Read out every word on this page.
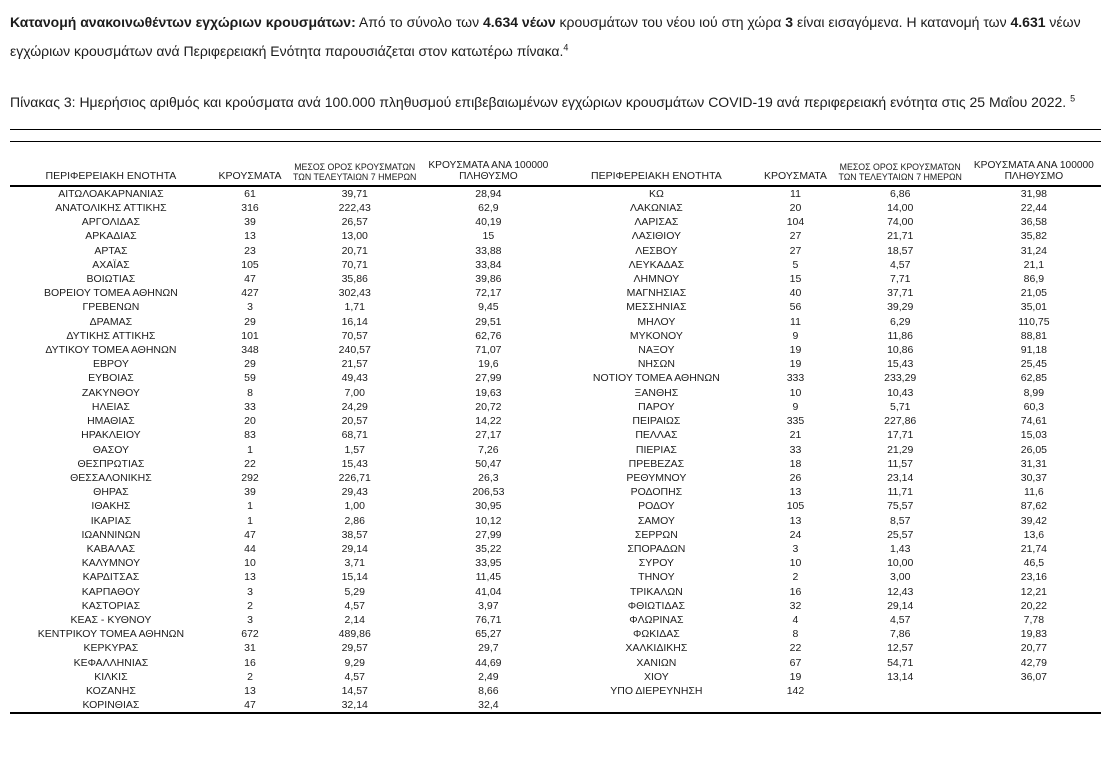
Κατανομή ανακοινωθέντων εγχώριων κρουσμάτων: Από το σύνολο των 4.634 νέων κρουσμάτων του νέου ιού στη χώρα 3 είναι εισαγόμενα. Η κατανομή των 4.631 νέων εγχώριων κρουσμάτων ανά Περιφερειακή Ενότητα παρουσιάζεται στον κατωτέρω πίνακα.$^4$

Πίνακας 3: Ημερήσιος αριθμός και κρούσματα ανά 100.000 πληθυσμού επιβεβαιωμένων εγχώριων κρουσμάτων COVID-19 ανά περιφερειακή ενότητα στις 25 Μαΐου 2022. $^5$

ΠΕΡΙΦΕΡΕΙΑΚΗ ΕΝΟΤΗΤΑ	ΚΡΟΥΣΜΑΤΑ	ΜΕΣΟΣ ΟΡΟΣ ΚΡΟΥΣΜΑΤΩΝ ΤΩΝ ΤΕΛΕΥΤΑΙΩΝ 7 ΗΜΕΡΩΝ	ΚΡΟΥΣΜΑΤΑ ΑΝΑ 100000 ΠΛΗΘΥΣΜΟ	ΠΕΡΙΦΕΡΕΙΑΚΗ ΕΝΟΤΗΤΑ	ΚΡΟΥΣΜΑΤΑ	ΜΕΣΟΣ ΟΡΟΣ ΚΡΟΥΣΜΑΤΩΝ ΤΩΝ ΤΕΛΕΥΤΑΙΩΝ 7 ΗΜΕΡΩΝ	ΚΡΟΥΣΜΑΤΑ ΑΝΑ 100000 ΠΛΗΘΥΣΜΟ
ΑΙΤΩΛΟΑΚΑΡΝΑΝΙΑΣ	61	39,71	28,94	ΚΩ	11	6,86	31,98
ΑΝΑΤΟΛΙΚΗΣ ΑΤΤΙΚΗΣ	316	222,43	62,9	ΛΑΚΩΝΙΑΣ	20	14,00	22,44
ΑΡΓΟΛΙΔΑΣ	39	26,57	40,19	ΛΑΡΙΣΑΣ	104	74,00	36,58
ΑΡΚΑΔΙΑΣ	13	13,00	15	ΛΑΣΙΘΙΟΥ	27	21,71	35,82
ΑΡΤΑΣ	23	20,71	33,88	ΛΕΣΒΟΥ	27	18,57	31,24
ΑΧΑΪΑΣ	105	70,71	33,84	ΛΕΥΚΑΔΑΣ	5	4,57	21,1
ΒΟΙΩΤΙΑΣ	47	35,86	39,86	ΛΗΜΝΟΥ	15	7,71	86,9
ΒΟΡΕΙΟΥ ΤΟΜΕΑ ΑΘΗΝΩΝ	427	302,43	72,17	ΜΑΓΝΗΣΙΑΣ	40	37,71	21,05
ΓΡΕΒΕΝΩΝ	3	1,71	9,45	ΜΕΣΣΗΝΙΑΣ	56	39,29	35,01
ΔΡΑΜΑΣ	29	16,14	29,51	ΜΗΛΟΥ	11	6,29	110,75
ΔΥΤΙΚΗΣ ΑΤΤΙΚΗΣ	101	70,57	62,76	ΜΥΚΟΝΟΥ	9	11,86	88,81
ΔΥΤΙΚΟΥ ΤΟΜΕΑ ΑΘΗΝΩΝ	348	240,57	71,07	ΝΑΞΟΥ	19	10,86	91,18
ΕΒΡΟΥ	29	21,57	19,6	ΝΗΣΩΝ	19	15,43	25,45
ΕΥΒΟΙΑΣ	59	49,43	27,99	ΝΟΤΙΟΥ ΤΟΜΕΑ ΑΘΗΝΩΝ	333	233,29	62,85
ΖΑΚΥΝΘΟΥ	8	7,00	19,63	ΞΑΝΘΗΣ	10	10,43	8,99
ΗΛΕΙΑΣ	33	24,29	20,72	ΠΑΡΟΥ	9	5,71	60,3
ΗΜΑΘΙΑΣ	20	20,57	14,22	ΠΕΙΡΑΙΩΣ	335	227,86	74,61
ΗΡΑΚΛΕΙΟΥ	83	68,71	27,17	ΠΕΛΛΑΣ	21	17,71	15,03
ΘΑΣΟΥ	1	1,57	7,26	ΠΙΕΡΙΑΣ	33	21,29	26,05
ΘΕΣΠΡΩΤΙΑΣ	22	15,43	50,47	ΠΡΕΒΕΖΑΣ	18	11,57	31,31
ΘΕΣΣΑΛΟΝΙΚΗΣ	292	226,71	26,3	ΡΕΘΥΜΝΟΥ	26	23,14	30,37
ΘΗΡΑΣ	39	29,43	206,53	ΡΟΔΟΠΗΣ	13	11,71	11,6
ΙΘΑΚΗΣ	1	1,00	30,95	ΡΟΔΟΥ	105	75,57	87,62
ΙΚΑΡΙΑΣ	1	2,86	10,12	ΣΑΜΟΥ	13	8,57	39,42
ΙΩΑΝΝΙΝΩΝ	47	38,57	27,99	ΣΕΡΡΩΝ	24	25,57	13,6
ΚΑΒΑΛΑΣ	44	29,14	35,22	ΣΠΟΡΑΔΩΝ	3	1,43	21,74
ΚΑΛΥΜΝΟΥ	10	3,71	33,95	ΣΥΡΟΥ	10	10,00	46,5
ΚΑΡΔΙΤΣΑΣ	13	15,14	11,45	ΤΗΝΟΥ	2	3,00	23,16
ΚΑΡΠΑΘΟΥ	3	5,29	41,04	ΤΡΙΚΑΛΩΝ	16	12,43	12,21
ΚΑΣΤΟΡΙΑΣ	2	4,57	3,97	ΦΘΙΩΤΙΔΑΣ	32	29,14	20,22
ΚΕΑΣ - ΚΥΘΝΟΥ	3	2,14	76,71	ΦΛΩΡΙΝΑΣ	4	4,57	7,78
ΚΕΝΤΡΙΚΟΥ ΤΟΜΕΑ ΑΘΗΝΩΝ	672	489,86	65,27	ΦΩΚΙΔΑΣ	8	7,86	19,83
ΚΕΡΚΥΡΑΣ	31	29,57	29,7	ΧΑΛΚΙΔΙΚΗΣ	22	12,57	20,77
ΚΕΦΑΛΛΗΝΙΑΣ	16	9,29	44,69	ΧΑΝΙΩΝ	67	54,71	42,79
ΚΙΛΚΙΣ	2	4,57	2,49	ΧΙΟΥ	19	13,14	36,07
ΚΟΖΑΝΗΣ	13	14,57	8,66	ΥΠΟ ΔΙΕΡΕΥΝΗΣΗ	142		
ΚΟΡΙΝΘΙΑΣ	47	32,14	32,4				
